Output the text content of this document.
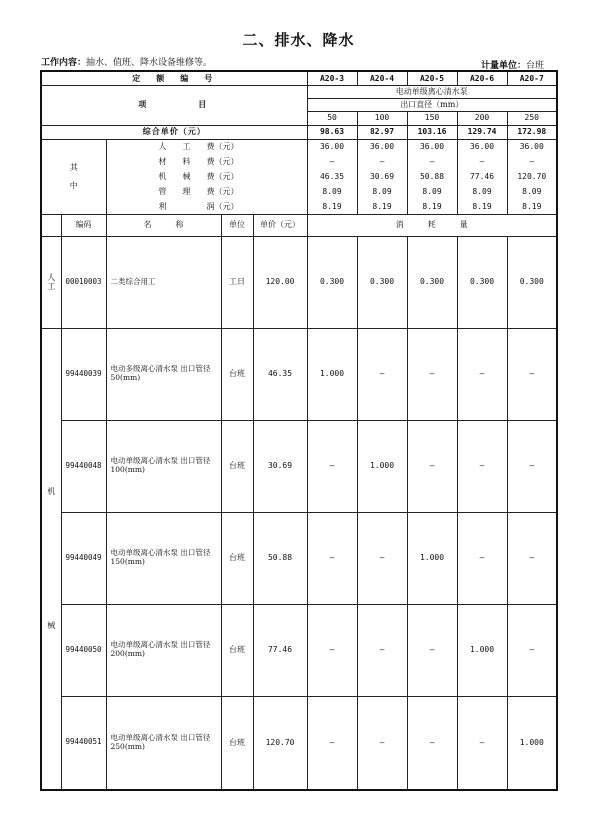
二、排水、降水
工作内容：抽水、值班、降水设备维修等。	计量单位：台班
定　额　编　号					A20-3	A20-4	A20-5	A20-6	A20-7
项　　　　目					电动单级离心清水泵				
					出口直径（mm）				
					50	100	150	200	250
综合单价（元）					98.63	82.97	103.16	129.74	172.98
其

中		人　　工　　费（元）			36.00	36.00	36.00	36.00	36.00
		材　　料　　费（元）			—	—	—	—	—
		机　　械　　费（元）			46.35	30.69	50.88	77.46	120.70
		管　　理　　费（元）			8.09	8.09	8.09	8.09	8.09
		利　　　　　润（元）			8.19	8.19	8.19	8.19	8.19
	编码	名　　　称	单位	单价（元）	消　　　耗　　　量				
人
工	00010003	二类综合用工	工日	120.00	0.300	0.300	0.300	0.300	0.300

机
械	99440039	电动多级离心清水泵 出口管径50(mm)	台班	46.35	1.000	—	—	—	—
	99440048	电动单级离心清水泵 出口管径100(mm)	台班	30.69	—	1.000	—	—	—
	99440049	电动单级离心清水泵 出口管径150(mm)	台班	50.88	—	—	1.000	—	—
	99440050	电动单级离心清水泵 出口管径200(mm)	台班	77.46	—	—	—	1.000	—
	99440051	电动单级离心清水泵 出口管径250(mm)	台班	120.70	—	—	—	—	1.000
